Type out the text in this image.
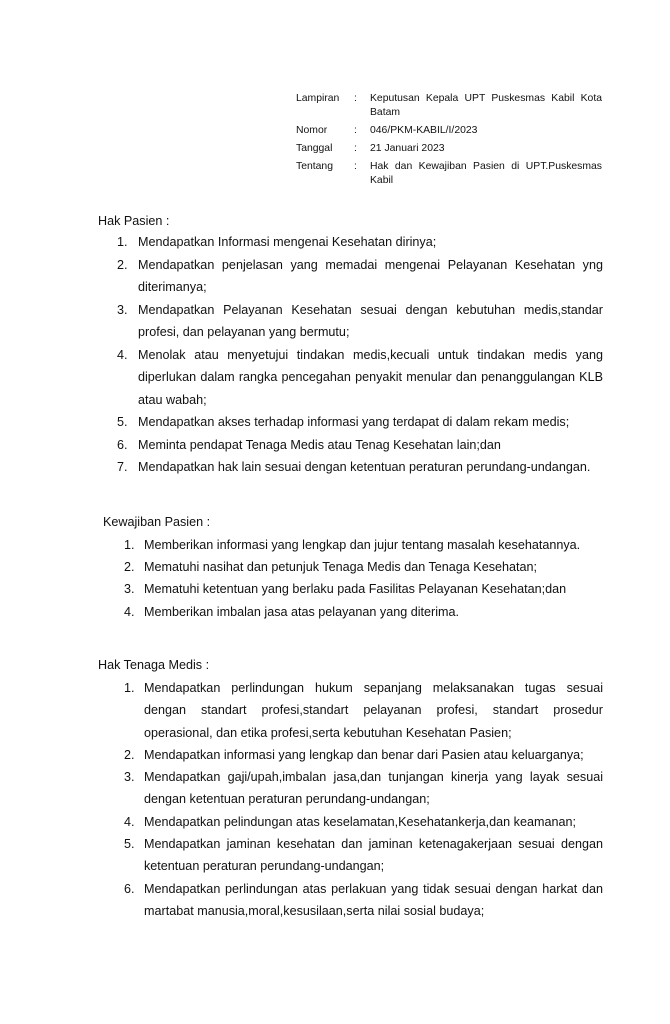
Lampiran	:	Keputusan Kepala UPT Puskesmas Kabil Kota Batam
Nomor	:	046/PKM-KABIL/I/2023
Tanggal	:	21 Januari 2023
Tentang	:	Hak dan Kewajiban Pasien di UPT.Puskesmas Kabil
Hak Pasien :
1. Mendapatkan Informasi mengenai Kesehatan dirinya;
2. Mendapatkan penjelasan yang memadai mengenai Pelayanan Kesehatan yng diterimanya;
3. Mendapatkan Pelayanan Kesehatan sesuai dengan kebutuhan medis,standar profesi, dan pelayanan yang bermutu;
4. Menolak atau menyetujui tindakan medis,kecuali untuk tindakan medis yang diperlukan dalam rangka pencegahan penyakit menular dan penanggulangan KLB atau wabah;
5. Mendapatkan akses terhadap informasi yang terdapat di dalam rekam medis;
6. Meminta pendapat Tenaga Medis atau Tenag Kesehatan lain;dan
7. Mendapatkan hak lain sesuai dengan ketentuan peraturan perundang-undangan.
Kewajiban Pasien :
1. Memberikan informasi yang lengkap dan jujur tentang masalah kesehatannya.
2. Mematuhi nasihat dan petunjuk Tenaga Medis dan Tenaga Kesehatan;
3. Mematuhi ketentuan yang berlaku pada Fasilitas Pelayanan Kesehatan;dan
4. Memberikan imbalan jasa atas pelayanan yang diterima.
Hak Tenaga Medis :
1. Mendapatkan perlindungan hukum sepanjang melaksanakan tugas sesuai dengan standart profesi,standart pelayanan profesi, standart prosedur operasional, dan etika profesi,serta kebutuhan Kesehatan Pasien;
2. Mendapatkan informasi yang lengkap dan benar dari Pasien atau keluarganya;
3. Mendapatkan gaji/upah,imbalan jasa,dan tunjangan kinerja yang layak sesuai dengan ketentuan peraturan perundang-undangan;
4. Mendapatkan pelindungan atas keselamatan,Kesehatankerja,dan keamanan;
5. Mendapatkan jaminan kesehatan dan jaminan ketenagakerjaan sesuai dengan ketentuan peraturan perundang-undangan;
6. Mendapatkan perlindungan atas perlakuan yang tidak sesuai dengan harkat dan martabat manusia,moral,kesusilaan,serta nilai sosial budaya;
